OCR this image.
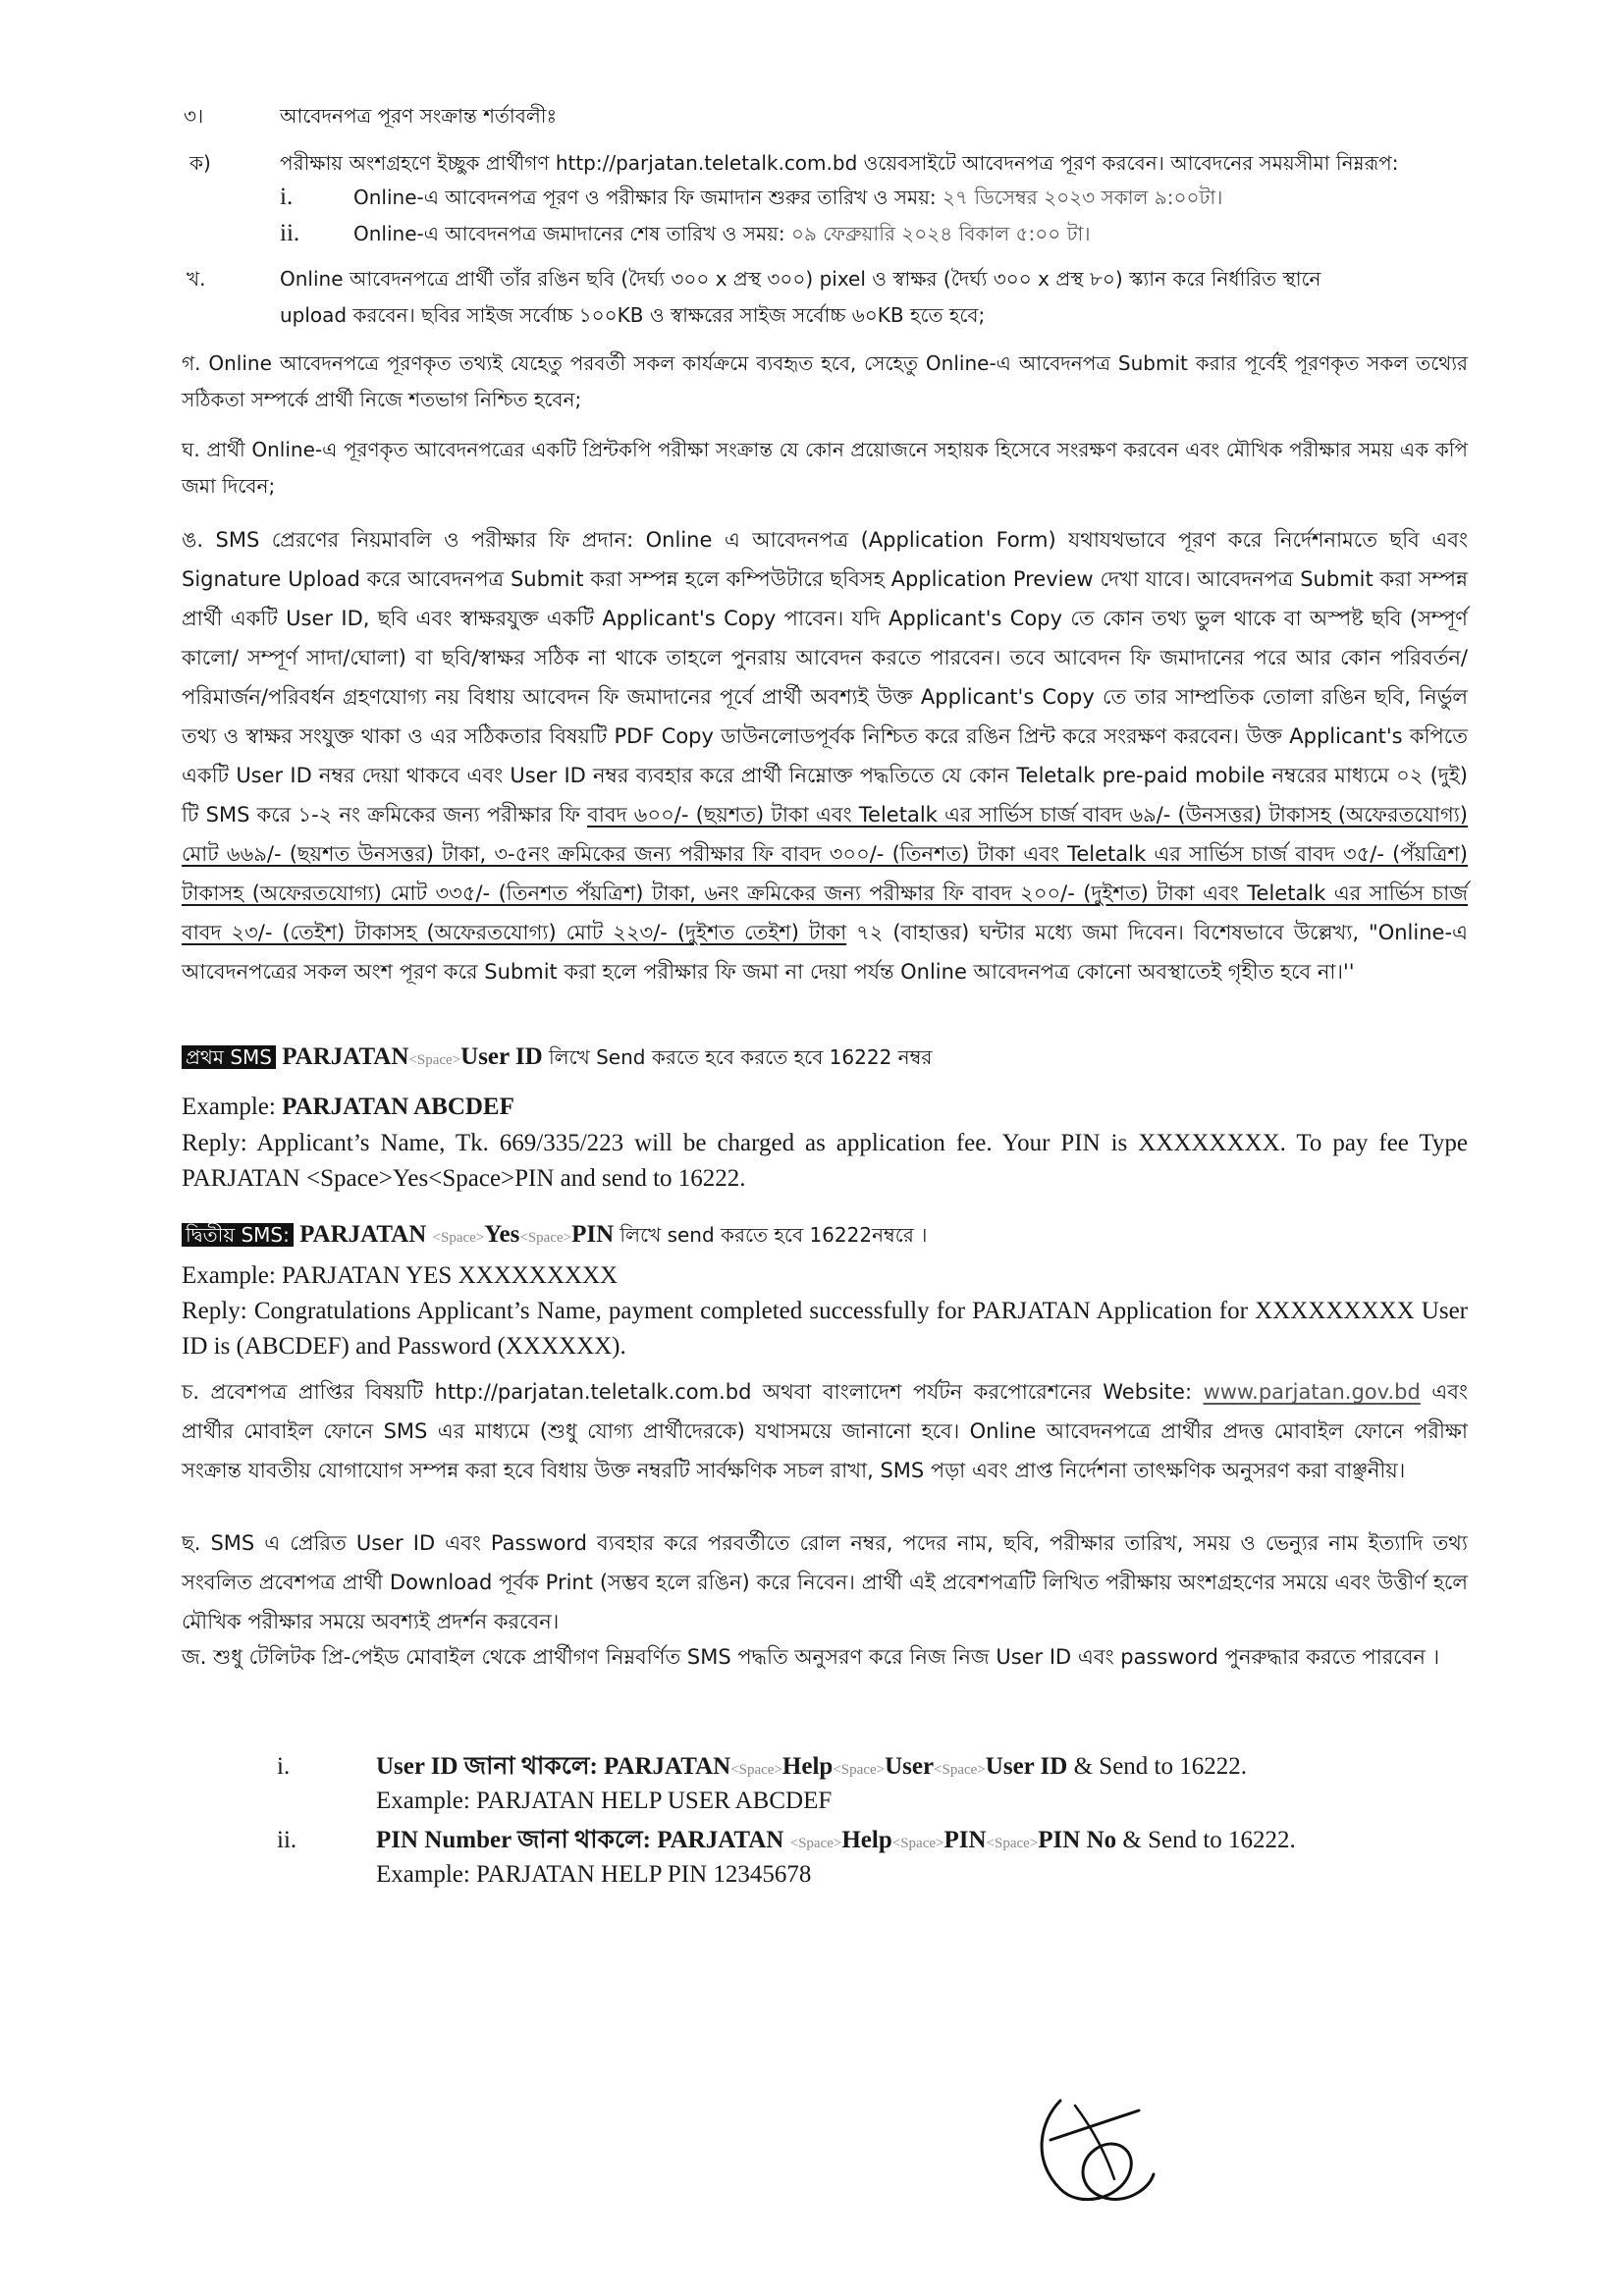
৩।	আবেদনপত্র পূরণ সংক্রান্ত শর্তাবলীঃ
ক)	পরীক্ষায় অংশগ্রহণে ইচ্ছুক প্রার্থীগণ http://parjatan.teletalk.com.bd ওয়েবসাইটে আবেদনপত্র পূরণ করবেন। আবেদনের সময়সীমা নিম্নরূপ:
i.	Online-এ আবেদনপত্র পূরণ ও পরীক্ষার ফি জমাদান শুরুর তারিখ ও সময়: ২৭ ডিসেম্বর ২০২৩ সকাল ৯:০০টা।
ii.	Online-এ আবেদনপত্র জমাদানের শেষ তারিখ ও সময়: ০৯ ফেব্রুয়ারি ২০২৪ বিকাল ৫:০০ টা।
খ.	Online আবেদনপত্রে প্রার্থী তাঁর রঙিন ছবি (দৈর্ঘ্য ৩০০ x প্রস্থ ৩০০) pixel ও স্বাক্ষর (দৈর্ঘ্য ৩০০ x প্রস্থ ৮০) স্ক্যান করে নির্ধারিত স্থানে
upload করবেন। ছবির সাইজ সর্বোচ্চ ১০০KB ও স্বাক্ষরের সাইজ সর্বোচ্চ ৬০KB হতে হবে;
গ. Online আবেদনপত্রে পূরণকৃত তথ্যই যেহেতু পরবর্তী সকল কার্যক্রমে ব্যবহৃত হবে, সেহেতু Online-এ আবেদনপত্র Submit করার পূর্বেই পূরণকৃত সকল তথ্যের সঠিকতা সম্পর্কে প্রার্থী নিজে শতভাগ নিশ্চিত হবেন;
ঘ. প্রার্থী Online-এ পূরণকৃত আবেদনপত্রের একটি প্রিন্টকপি পরীক্ষা সংক্রান্ত যে কোন প্রয়োজনে সহায়ক হিসেবে সংরক্ষণ করবেন এবং মৌখিক পরীক্ষার সময় এক কপি জমা দিবেন;
ঙ. SMS প্রেরণের নিয়মাবলি ও পরীক্ষার ফি প্রদান: Online এ আবেদনপত্র (Application Form) যথাযথভাবে পূরণ করে নির্দেশনামতে ছবি এবং Signature Upload করে আবেদনপত্র Submit করা সম্পন্ন হলে কম্পিউটারে ছবিসহ Application Preview দেখা যাবে। আবেদনপত্র Submit করা সম্পন্ন প্রার্থী একটি User ID, ছবি এবং স্বাক্ষরযুক্ত একটি Applicant's Copy পাবেন। যদি Applicant's Copy তে কোন তথ্য ভুল থাকে বা অস্পষ্ট ছবি (সম্পূর্ণ কালো/ সম্পূর্ণ সাদা/ঘোলা) বা ছবি/স্বাক্ষর সঠিক না থাকে তাহলে পুনরায় আবেদন করতে পারবেন। তবে আবেদন ফি জমাদানের পরে আর কোন পরিবর্তন/পরিমার্জন/পরিবর্ধন গ্রহণযোগ্য নয় বিধায় আবেদন ফি জমাদানের পূর্বে প্রার্থী অবশ্যই উক্ত Applicant's Copy তে তার সাম্প্রতিক তোলা রঙিন ছবি, নির্ভুল তথ্য ও স্বাক্ষর সংযুক্ত থাকা ও এর সঠিকতার বিষয়টি PDF Copy ডাউনলোডপূর্বক নিশ্চিত করে রঙিন প্রিন্ট করে সংরক্ষণ করবেন। উক্ত Applicant's কপিতে একটি User ID নম্বর দেয়া থাকবে এবং User ID নম্বর ব্যবহার করে প্রার্থী নিম্নোক্ত পদ্ধতিতে যে কোন Teletalk pre-paid mobile নম্বরের মাধ্যমে ০২ (দুই) টি SMS করে ১-২ নং ক্রমিকের জন্য পরীক্ষার ফি বাবদ ৬০০/- (ছয়শত) টাকা এবং Teletalk এর সার্ভিস চার্জ বাবদ ৬৯/- (উনসত্তর) টাকাসহ (অফেরতযোগ্য) মোট ৬৬৯/- (ছয়শত উনসত্তর) টাকা, ৩-৫নং ক্রমিকের জন্য পরীক্ষার ফি বাবদ ৩০০/- (তিনশত) টাকা এবং Teletalk এর সার্ভিস চার্জ বাবদ ৩৫/- (পঁয়ত্রিশ) টাকাসহ (অফেরতযোগ্য) মোট ৩৩৫/- (তিনশত পঁয়ত্রিশ) টাকা, ৬নং ক্রমিকের জন্য পরীক্ষার ফি বাবদ ২০০/- (দুইশত) টাকা এবং Teletalk এর সার্ভিস চার্জ বাবদ ২৩/- (তেইশ) টাকাসহ (অফেরতযোগ্য) মোট ২২৩/- (দুইশত তেইশ) টাকা ৭২ (বাহাত্তর) ঘন্টার মধ্যে জমা দিবেন। বিশেষভাবে উল্লেখ্য, "Online-এ আবেদনপত্রের সকল অংশ পূরণ করে Submit করা হলে পরীক্ষার ফি জমা না দেয়া পর্যন্ত Online আবেদনপত্র কোনো অবস্থাতেই গৃহীত হবে না।''
প্রথম SMS PARJATAN<Space>User ID লিখে Send করতে হবে করতে হবে 16222 নম্বর
Example: PARJATAN ABCDEF
Reply: Applicant’s Name, Tk. 669/335/223 will be charged as application fee. Your PIN is XXXXXXXX. To pay fee Type PARJATAN <Space>Yes<Space>PIN and send to 16222.
দ্বিতীয় SMS: PARJATAN <Space>Yes<Space>PIN লিখে send করতে হবে 16222নম্বরে ।
Example: PARJATAN YES XXXXXXXXX
Reply: Congratulations Applicant’s Name, payment completed successfully for PARJATAN Application for XXXXXXXXX User ID is (ABCDEF) and Password (XXXXXX).
চ. প্রবেশপত্র প্রাপ্তির বিষয়টি http://parjatan.teletalk.com.bd অথবা বাংলাদেশ পর্যটন করপোরেশনের Website: www.parjatan.gov.bd এবং প্রার্থীর মোবাইল ফোনে SMS এর মাধ্যমে (শুধু যোগ্য প্রার্থীদেরকে) যথাসময়ে জানানো হবে। Online আবেদনপত্রে প্রার্থীর প্রদত্ত মোবাইল ফোনে পরীক্ষা সংক্রান্ত যাবতীয় যোগাযোগ সম্পন্ন করা হবে বিধায় উক্ত নম্বরটি সার্বক্ষণিক সচল রাখা, SMS পড়া এবং প্রাপ্ত নির্দেশনা তাৎক্ষণিক অনুসরণ করা বাঞ্ছনীয়।
ছ. SMS এ প্রেরিত User ID এবং Password ব্যবহার করে পরবর্তীতে রোল নম্বর, পদের নাম, ছবি, পরীক্ষার তারিখ, সময় ও ভেন্যুর নাম ইত্যাদি তথ্য সংবলিত প্রবেশপত্র প্রার্থী Download পূর্বক Print (সম্ভব হলে রঙিন) করে নিবেন। প্রার্থী এই প্রবেশপত্রটি লিখিত পরীক্ষায় অংশগ্রহণের সময়ে এবং উত্তীর্ণ হলে মৌখিক পরীক্ষার সময়ে অবশ্যই প্রদর্শন করবেন।
জ. শুধু টেলিটক প্রি-পেইড মোবাইল থেকে প্রার্থীগণ নিম্নবর্ণিত SMS পদ্ধতি অনুসরণ করে নিজ নিজ User ID এবং password পুনরুদ্ধার করতে পারবেন ।
i.	User ID জানা থাকলে: PARJATAN<Space>Help<Space>User<Space>User ID & Send to 16222.
Example: PARJATAN HELP USER ABCDEF
ii.	PIN Number জানা থাকলে: PARJATAN <Space>Help<Space>PIN<Space>PIN No & Send to 16222.
Example: PARJATAN HELP PIN 12345678
